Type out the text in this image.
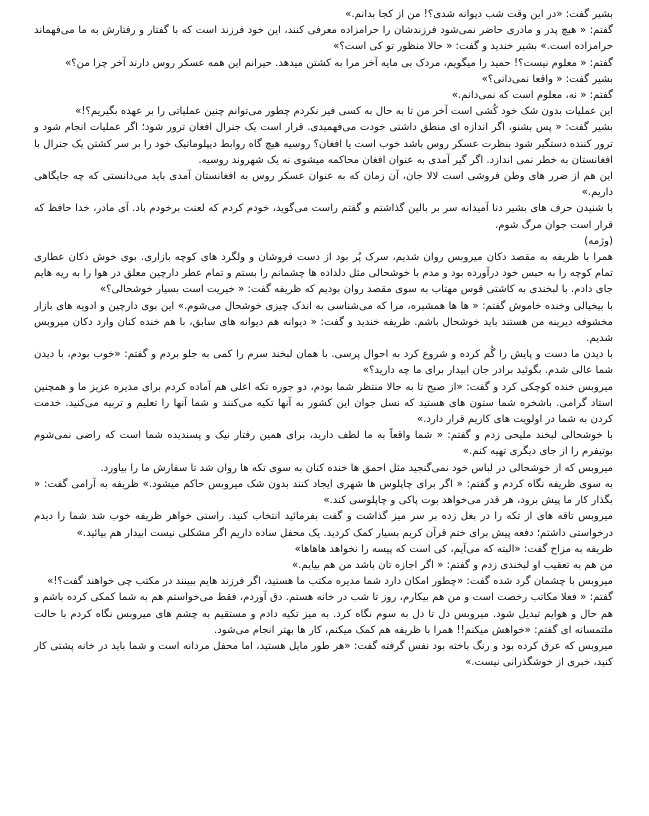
بشیر گفت: «در این وقت شب دیوانه شدی؟! من از کجا بدانم.»

گفتم: « هیچ پدر و مادری حاضر نمی‌شود فرزندشان را حرامزاده معرفی کنند، این خود فرزند است که با گفتار و رفتارش به ما می‌فهماند حرامزاده است.» بشیر خندید و گفت: « حالا منظور تو کی است؟»

گفتم: « معلوم نیست؟! حمید را میگویم، مردک بی مایه آخر مرا به کشتن میدهد. حیرانم این همه عسکر روس دارند آخر چرا من؟»

بشیر گفت: « واقعا نمی‌دانی؟»

گفتم: « نه، معلوم است که نمی‌دانم.»

این عملیات بدون شک خود کُشی است آخر من تا به حال به کسی فیر نکردم چطور می‌توانم چنین عملیاتی را بر عهده بگیریم؟!»

بشیر گفت: « پس بشنو، اگر اندازه ای منطق داشتی خودت می‌فهمیدی. قرار است یک جنرال افغان ترور شود؛ اگر عملیات انجام شود و ترور کننده دستگیر شود بنظرت عسکر روس باشد خوب است یا افغان؟ روسیه هیچ گاه روابط دیپلوماتیک خود را بر سر کشتن یک جنرال با افغانستان به خطر نمی اندازد. اگر گیر آمدی به عنوان افغان محاکمه میشوی نه یک شهروند روسیه.

این هم از ضرر های وطن فروشی است لالا جان، آن زمان که به عنوان عسکر روس به افغانستان آمدی باید می‌دانستی که چه جایگاهی داریم.»

با شنیدن حرف های بشیر دنا آمیدانه سر بر بالین گذاشتم و گفتم راست می‌گوید، خودم کردم که لعنت برخودم باد. آی مادر، خدا حافظ که قرار است جوان مرگ شوم.

(وژمه)

همرا با ظریفه به مقصد دکان میروبس روان شدیم، سرک پُر بود از دست فروشان و ولگرد های کوچه بازاری. بوی خوش دکان عطاری تمام کوچه را به حبس خود درآورده بود و مدم با خوشحالی مثل دلداده ها چشمانم را بستم و تمام عطر دارچین معلق در هوا را به ریه هایم جای دادم. با لبخندی به کاشتی قوس مهتاب به سوی مقصد روان بودیم که ظریفه گفت: « خیریت است بسیار خوشحالی؟»

با بیخیالی وخنده خاموش گفتم: « ها ها همشیره، مرا که می‌شناسی به اندک چیزی خوشحال می‌شوم.» این بوی دارچین و ادویه های بازار مخشوفه دیرینه من هستند باید خوشحال باشم. ظریفه خندید و گفت: « دیوانه هم دیوانه های سابق، با هم خنده کنان وارد دکان میروبس شدیم.

با دیدن ما دست و پایش را گُم کرده و شروع کرد به احوال پرسی. با همان لبخند سرم را کمی به جلو بردم و گفتم: «خوب بودم، با دیدن شما عالی شدم. بگوئید برادر جان ابیدار برای ما چه دارید؟»

میروبس خنده کوچکی کرد و گفت: «از صبح تا به حالا منتظر شما بودم، دو جوره تکه اعلی هم آماده کردم برای مدیره عزیز ما و همچنین استاد گرامی. باشخره شما ستون های هستید که نسل جوان این کشور به آنها تکیه می‌کنند و شما آنها را تعلیم و تربیه می‌کنید. خدمت کردن به شما در اولویت های کاریم قرار دارد.»

با خوشحالی لبخند ملیحی زدم و گفتم: « شما واقعاً به ما لطف دارید، برای همین رفتار نیک و پسندیده شما است که راضی نمی‌شوم بوتیفرم را از جای دیگری تهیه کنم.»

میروبس که از خوشحالی در لباس خود نمی‌گنجید مثل احمق ها خنده کنان به سوی تکه ها روان شد تا سفارش ما را بیاورد.

به سوی ظریفه نگاه کردم و گفتم: « اگر برای چاپلوس ها شهری ایجاد کنند بدون شک میروبس حاکم میشود.» ظریفه به آرامی گفت: « بگذار کار ما پیش برود، هر قدر می‌خواهد بوت پاکی و چاپلوسی کند.»

میروبس تاقه های از تکه را در بغل زده بر سر میز گذاشت و گفت بفرمائید انتخاب کنید. راستی خواهر ظریفه خوب شد شما را دیدم درخواستی داشتم؛ دفعه پیش برای ختم قرآن کریم بسیار کمک کردید. یک محفل ساده داریم اگر مشکلی نیست ابیدار هم بیائید.»

ظریفه به مزاح گفت: «البته که می‌آیم، کی است که پیسه را نخواهد هاهاها»

من هم به تعقیب او لبخندی زدم و گفتم: « اگر اجازه تان باشد من هم بیایم.»

میروبس با چشمان گرد شده گفت: «چطور امکان دارد شما مدیره مکتب ما هستید، اگر فرزند هایم ببینند در مکتب چی خواهند گفت؟!»

گفتم: « فعلا مکاتب رخصت است و من هم بیکارم، روز تا شب در خانه هستم. دق آوردم، فقط می‌خواستم هم به شما کمکی کرده باشم و هم حال و هوایم تبدیل شود. میروبس دل تا دل به سوم نگاه کرد. به میز تکیه دادم و مستقیم به چشم های میروبس نگاه کردم با حالت ملتمسانه ای گفتم: «خواهش میکنم!! همرا با ظریفه هم کمک میکنم، کار ها بهتر انجام می‌شود.

میروبس که عرق کرده بود و رنگ باخته بود نفس گرفته گفت: «هر طور مایل هستید، اما محفل مردانه است و شما باید در خانه پشتی کار کنید، خبری از خوشگذرانی نیست.»
